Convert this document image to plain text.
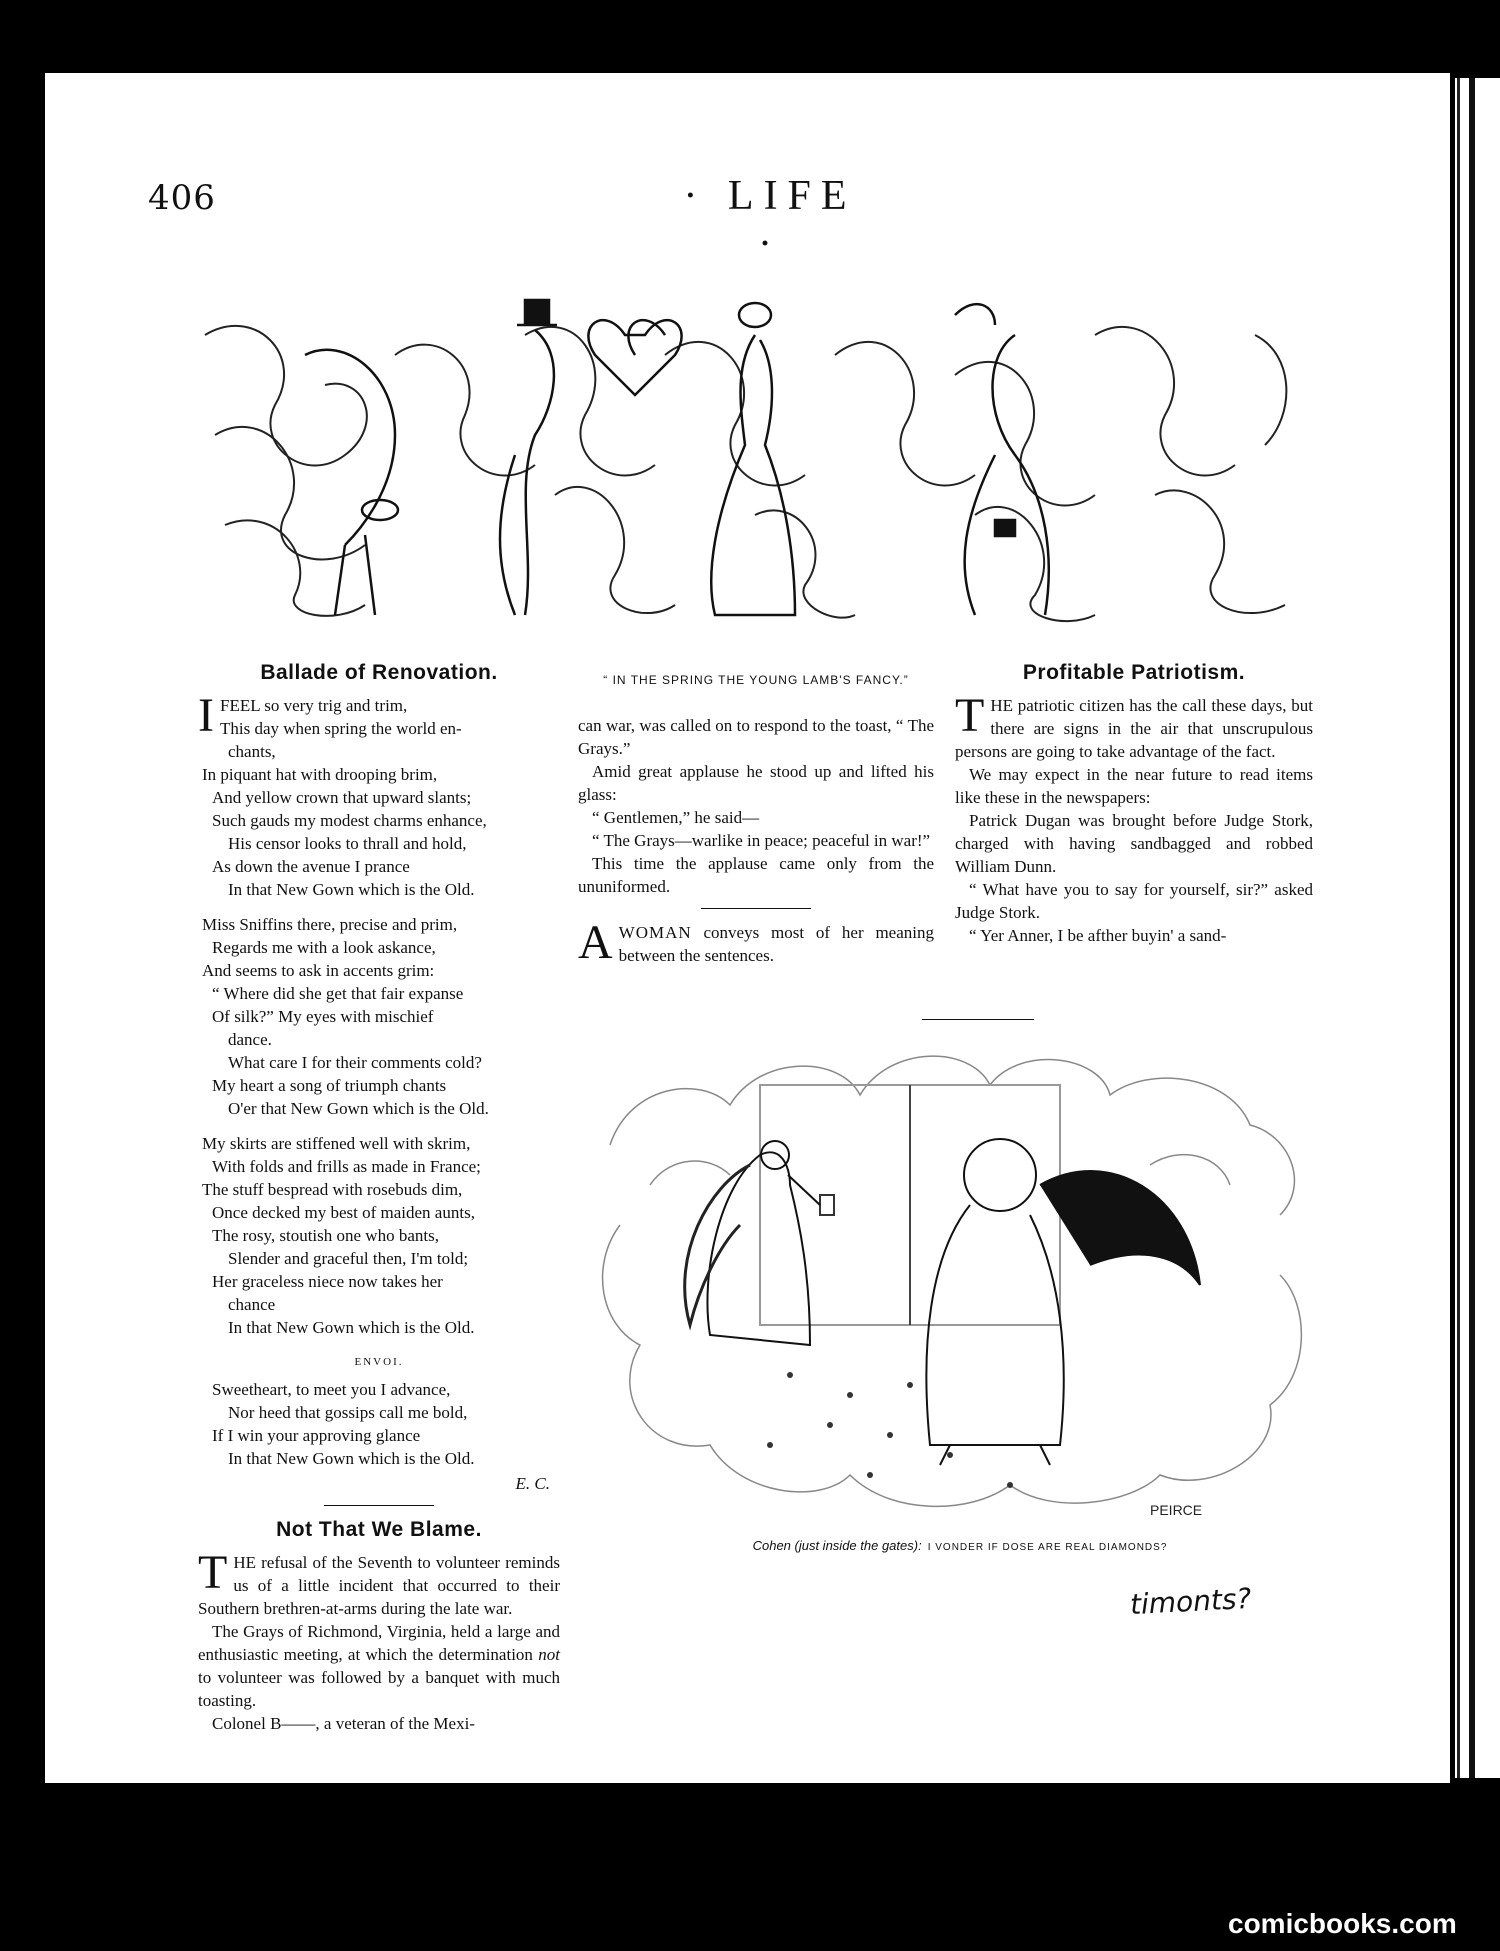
406	· LIFE ·
Ballade of Renovation.
I FEEL so very trig and trim,
This day when spring the world en-
chants,
In piquant hat with drooping brim,
And yellow crown that upward slants;
Such gauds my modest charms enhance,
His censor looks to thrall and hold,
As down the avenue I prance
In that New Gown which is the Old.
Miss Sniffins there, precise and prim,
Regards me with a look askance,
And seems to ask in accents grim:
“ Where did she get that fair expanse
Of silk?” My eyes with mischief
dance.
What care I for their comments cold?
My heart a song of triumph chants
O'er that New Gown which is the Old.
My skirts are stiffened well with skrim,
With folds and frills as made in France;
The stuff bespread with rosebuds dim,
Once decked my best of maiden aunts,
The rosy, stoutish one who bants,
Slender and graceful then, I'm told;
Her graceless niece now takes her
chance
In that New Gown which is the Old.
ENVOI.
Sweetheart, to meet you I advance,
Nor heed that gossips call me bold,
If I win your approving glance
In that New Gown which is the Old.
E. C.
Not That We Blame.
THE refusal of the Seventh to volunteer reminds us of a little incident that occurred to their Southern brethren-at-arms during the late war.
The Grays of Richmond, Virginia, held a large and enthusiastic meeting, at which the determination not to volunteer was followed by a banquet with much toasting.
Colonel B——, a veteran of the Mexi-
“ IN THE SPRING THE YOUNG LAMB'S FANCY.”
can war, was called on to respond to the toast, “ The Grays.”
Amid great applause he stood up and lifted his glass:
“ Gentlemen,” he said—
“ The Grays—warlike in peace; peaceful in war!”
This time the applause came only from the ununiformed.
AWOMAN conveys most of her meaning between the sentences.
Profitable Patriotism.
THE patriotic citizen has the call these days, but there are signs in the air that unscrupulous persons are going to take advantage of the fact.
We may expect in the near future to read items like these in the newspapers:
Patrick Dugan was brought before Judge Stork, charged with having sandbagged and robbed William Dunn.
“ What have you to say for yourself, sir?” asked Judge Stork.
“ Yer Anner, I be afther buyin' a sand-
PEIRCE
Cohen (just inside the gates): I VONDER IF DOSE ARE REAL DIAMONDS?
timonts?
comicbooks.com
